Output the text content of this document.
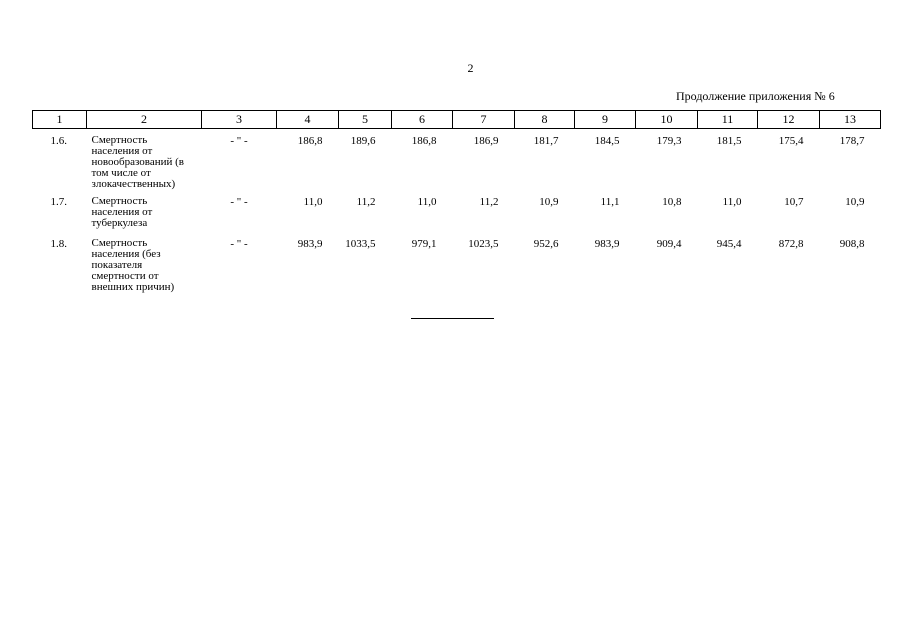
2
Продолжение приложения № 6
1	2	3	4	5	6	7	8	9	10	11	12	13
1.6.	Смертность населения от новообразований (в том числе от злокачественных)	- " -	186,8	189,6	186,8	186,9	181,7	184,5	179,3	181,5	175,4	178,7
1.7.	Смертность населения от туберкулеза	- " -	11,0	11,2	11,0	11,2	10,9	11,1	10,8	11,0	10,7	10,9
1.8.	Смертность населения (без показателя смертности от внешних причин)	- " -	983,9	1033,5	979,1	1023,5	952,6	983,9	909,4	945,4	872,8	908,8
